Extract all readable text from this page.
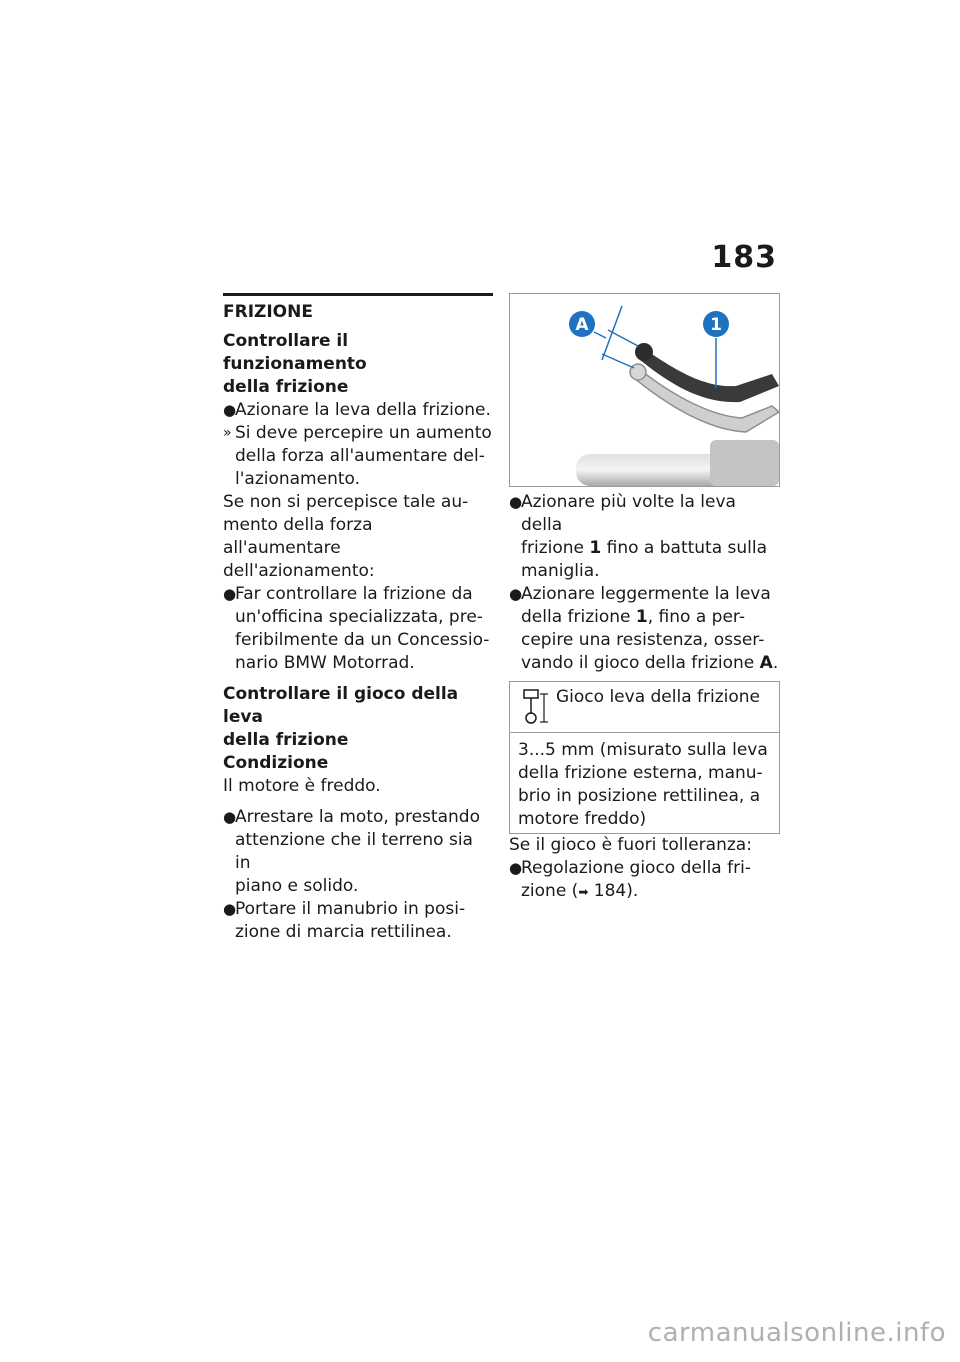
183
FRIZIONE
Controllare il funzionamento
della frizione
●
Azionare la leva della frizione.
» Si deve percepire un aumento
della forza all'aumentare del-
l'azionamento.
Se non si percepisce tale au-
mento della forza all'aumentare
dell'azionamento:
●
Far controllare la frizione da
un'officina specializzata, pre-
feribilmente da un Concessio-
nario BMW Motorrad.
Controllare il gioco della leva
della frizione
Condizione
Il motore è freddo.
●
Arrestare la moto, prestando
attenzione che il terreno sia in
piano e solido.
●
Portare il manubrio in posi-
zione di marcia rettilinea.
A	1
●
Azionare più volte la leva della
frizione 1 fino a battuta sulla
maniglia.
●
Azionare leggermente la leva
della frizione 1, fino a per-
cepire una resistenza, osser-
vando il gioco della frizione A.
Gioco leva della frizione
3...5 mm (misurato sulla leva
della frizione esterna, manu-
brio in posizione rettilinea, a
motore freddo)
Se il gioco è fuori tolleranza:
●
Regolazione gioco della fri-
zione (➡ 184).
carmanualsonline.info
